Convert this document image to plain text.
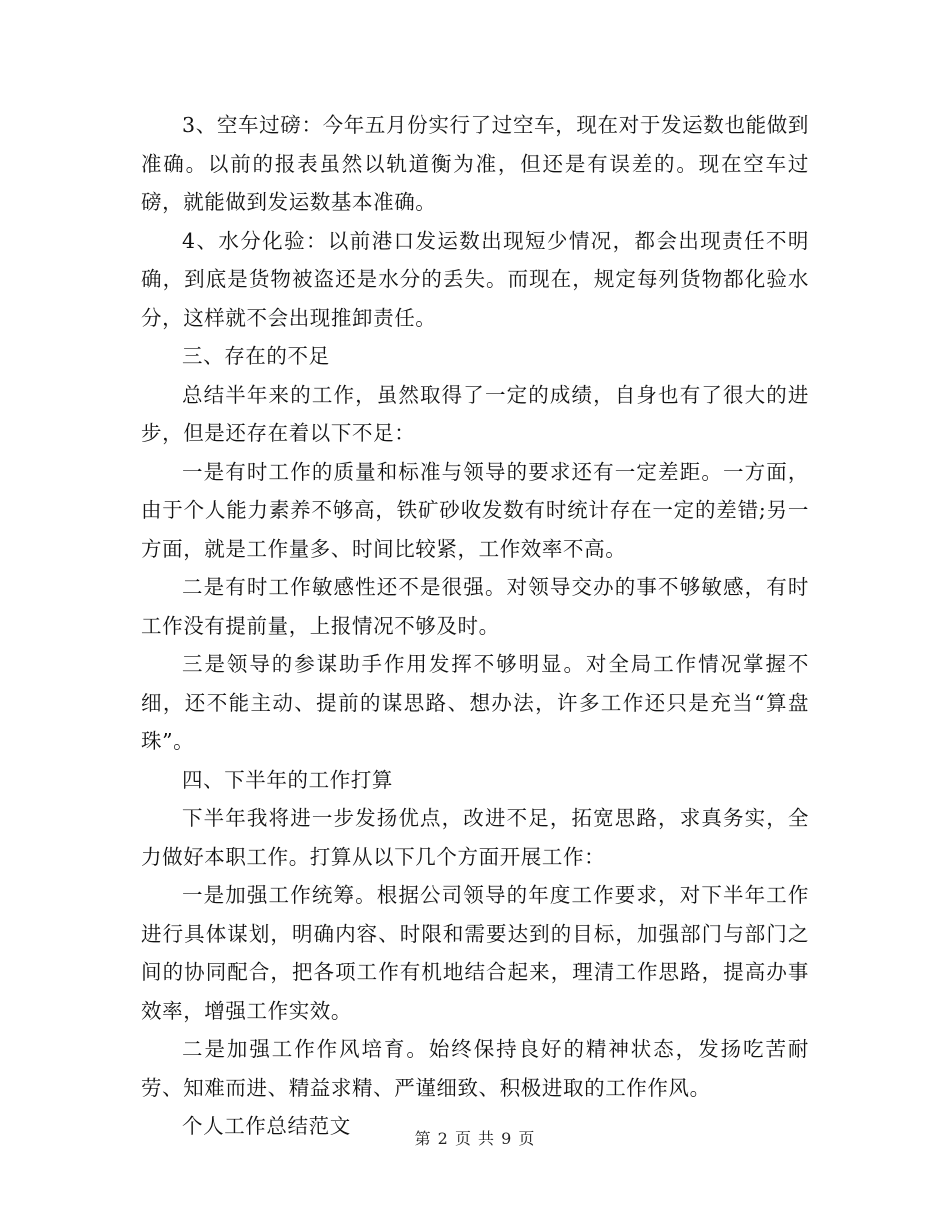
3、空车过磅：今年五月份实行了过空车，现在对于发运数也能做到准确。以前的报表虽然以轨道衡为准，但还是有误差的。现在空车过磅，就能做到发运数基本准确。

4、水分化验：以前港口发运数出现短少情况，都会出现责任不明确，到底是货物被盗还是水分的丢失。而现在，规定每列货物都化验水分，这样就不会出现推卸责任。

三、存在的不足

总结半年来的工作，虽然取得了一定的成绩，自身也有了很大的进步，但是还存在着以下不足：

一是有时工作的质量和标准与领导的要求还有一定差距。一方面，由于个人能力素养不够高，铁矿砂收发数有时统计存在一定的差错;另一方面，就是工作量多、时间比较紧，工作效率不高。

二是有时工作敏感性还不是很强。对领导交办的事不够敏感，有时工作没有提前量，上报情况不够及时。

三是领导的参谋助手作用发挥不够明显。对全局工作情况掌握不细，还不能主动、提前的谋思路、想办法，许多工作还只是充当“算盘珠”。

四、下半年的工作打算

下半年我将进一步发扬优点，改进不足，拓宽思路，求真务实，全力做好本职工作。打算从以下几个方面开展工作：

一是加强工作统筹。根据公司领导的年度工作要求，对下半年工作进行具体谋划，明确内容、时限和需要达到的目标，加强部门与部门之间的协同配合，把各项工作有机地结合起来，理清工作思路，提高办事效率，增强工作实效。

二是加强工作作风培育。始终保持良好的精神状态，发扬吃苦耐劳、知难而进、精益求精、严谨细致、积极进取的工作作风。

个人工作总结范文

第 2 页 共 9 页
